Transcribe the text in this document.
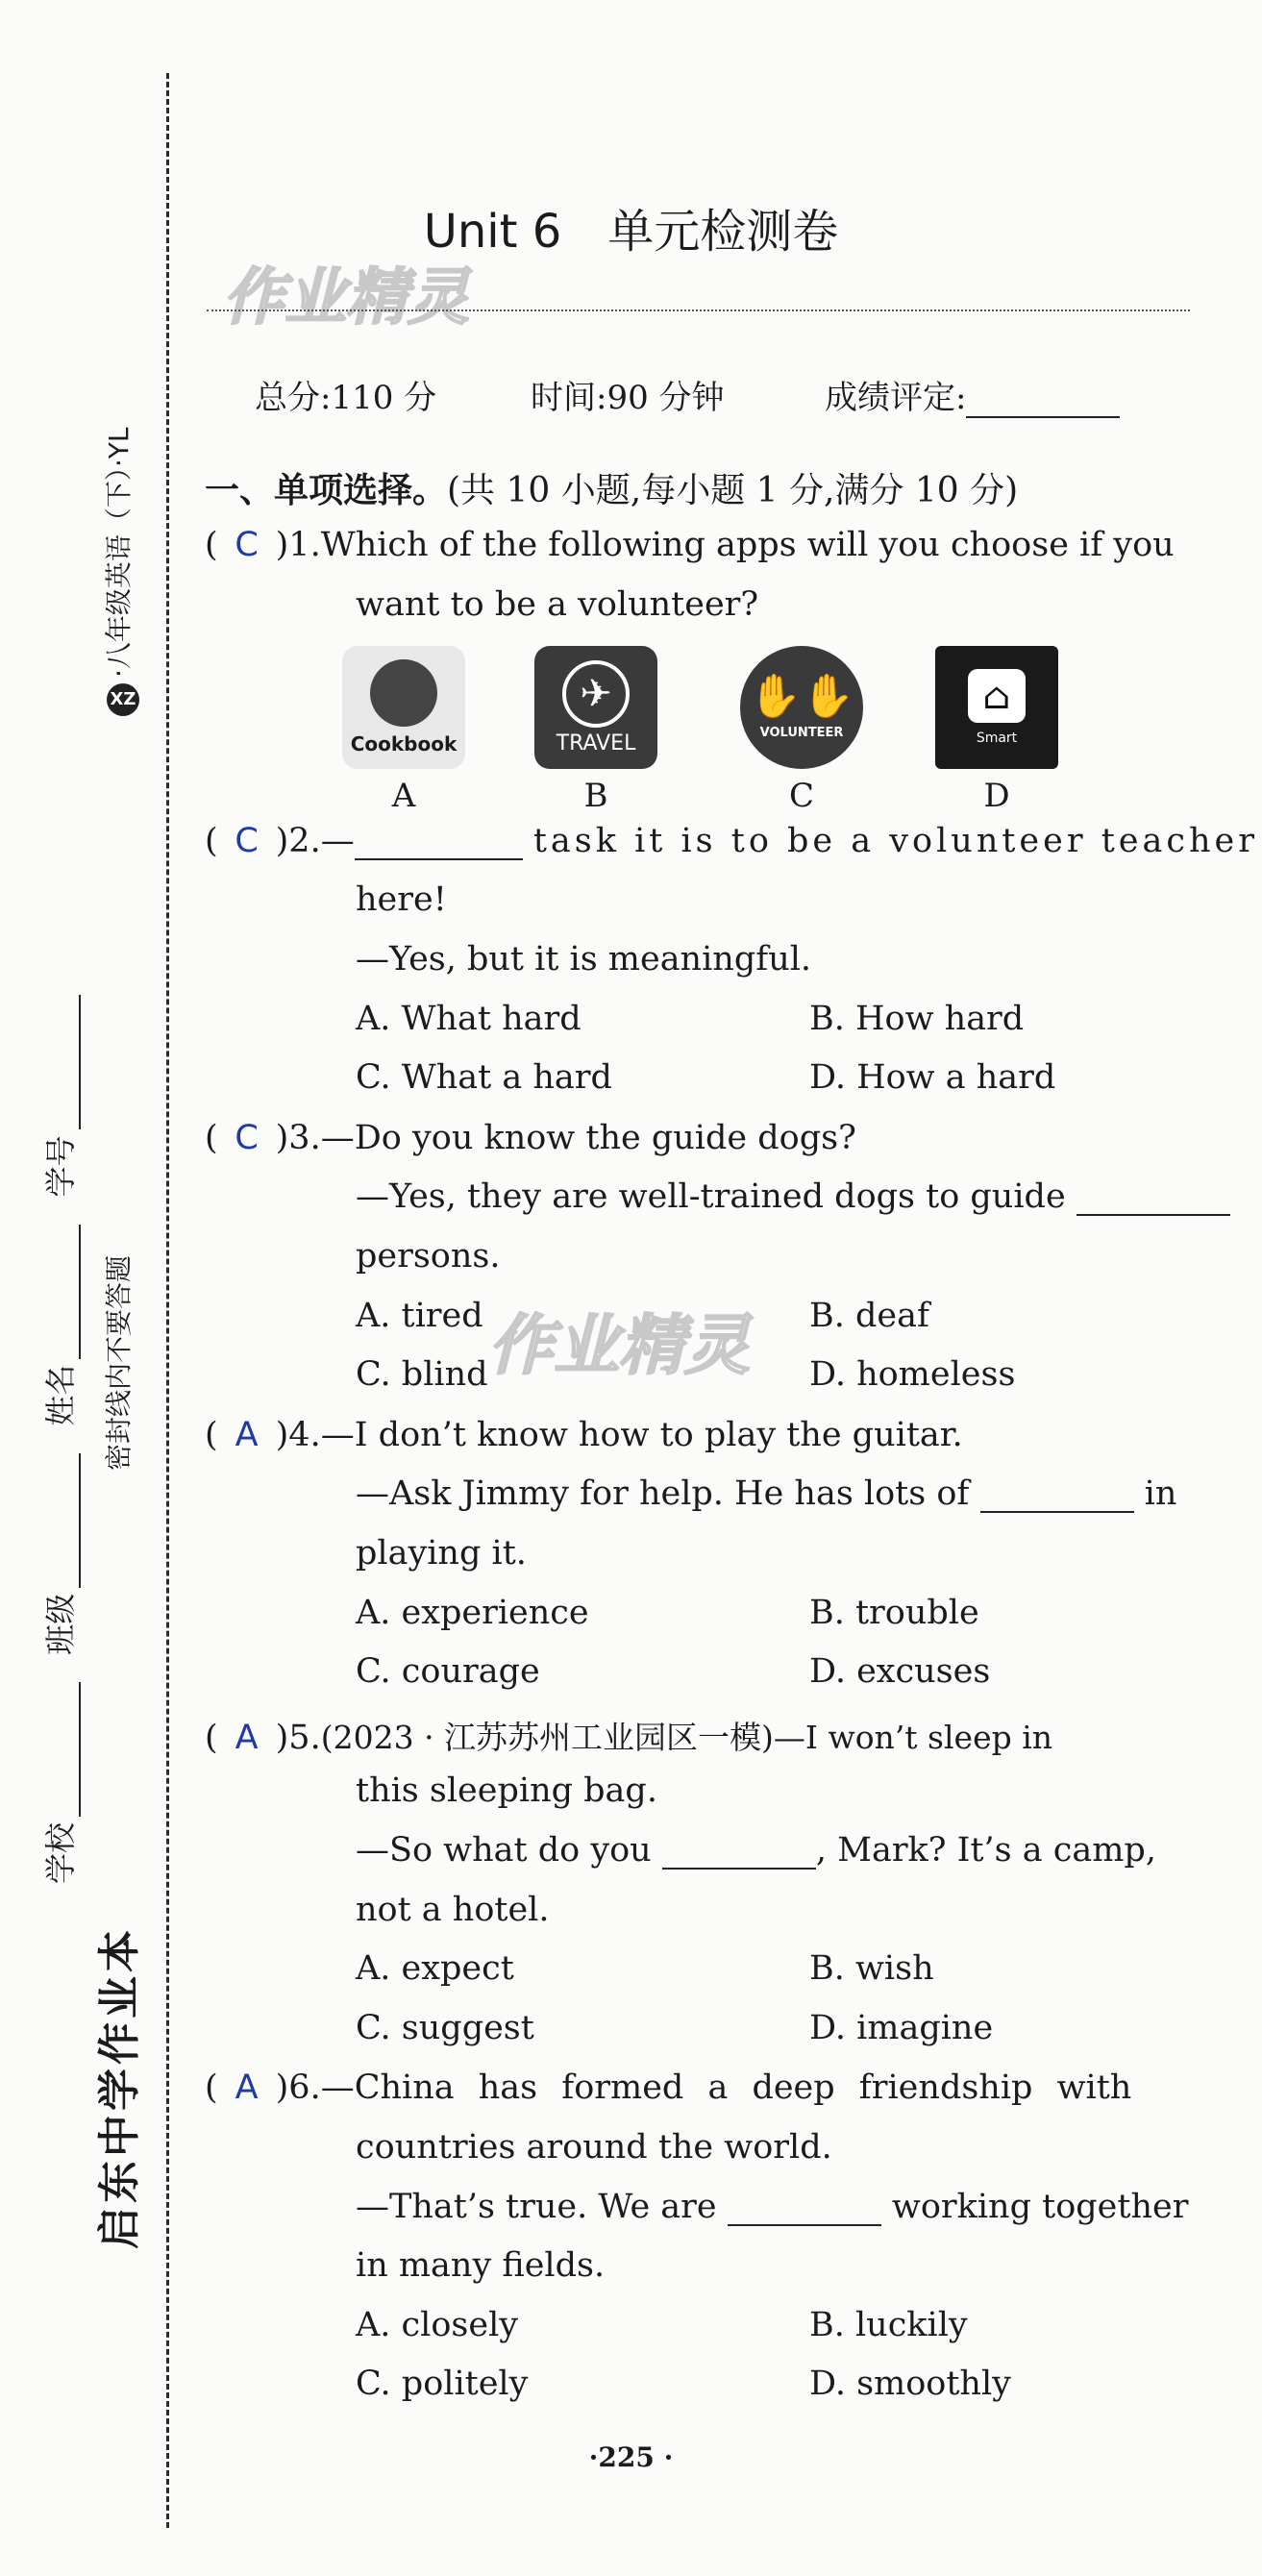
启东中学作业本
学校 班级 姓名 学号
密封线内不要答题
XZ·八年级英语（下）·YL
Unit 6 单元检测卷
作业精灵
总分:110 分	时间:90 分钟	成绩评定:
一、单项选择。(共 10 小题,每小题 1 分,满分 10 分)
( C )1.Which of the following apps will you choose if you
want to be a volunteer?
Cookbook
✈
TRAVEL
✋✋
VOLUNTEER
⌂
Smart
A	B	C	D
( C )2.—	task it is to be a volunteer teacher
here!
—Yes, but it is meaningful.
A. What hard	B. How hard
C. What a hard	D. How a hard
( C )3.—Do you know the guide dogs?
—Yes, they are well-trained dogs to guide
persons.
A. tired	B. deaf
C. blind	D. homeless
作业精灵
( A )4.—I don’t know how to play the guitar.
—Ask Jimmy for help. He has lots of	in
playing it.
A. experience	B. trouble
C. courage	D. excuses
( A )5.(2023 · 江苏苏州工业园区一模)—I won’t sleep in
this sleeping bag.
—So what do you	, Mark? It’s a camp,
not a hotel.
A. expect	B. wish
C. suggest	D. imagine
( A )6.—China has formed a deep friendship with
countries around the world.
—That’s true. We are	working together
in many fields.
A. closely	B. luckily
C. politely	D. smoothly
·225 ·
